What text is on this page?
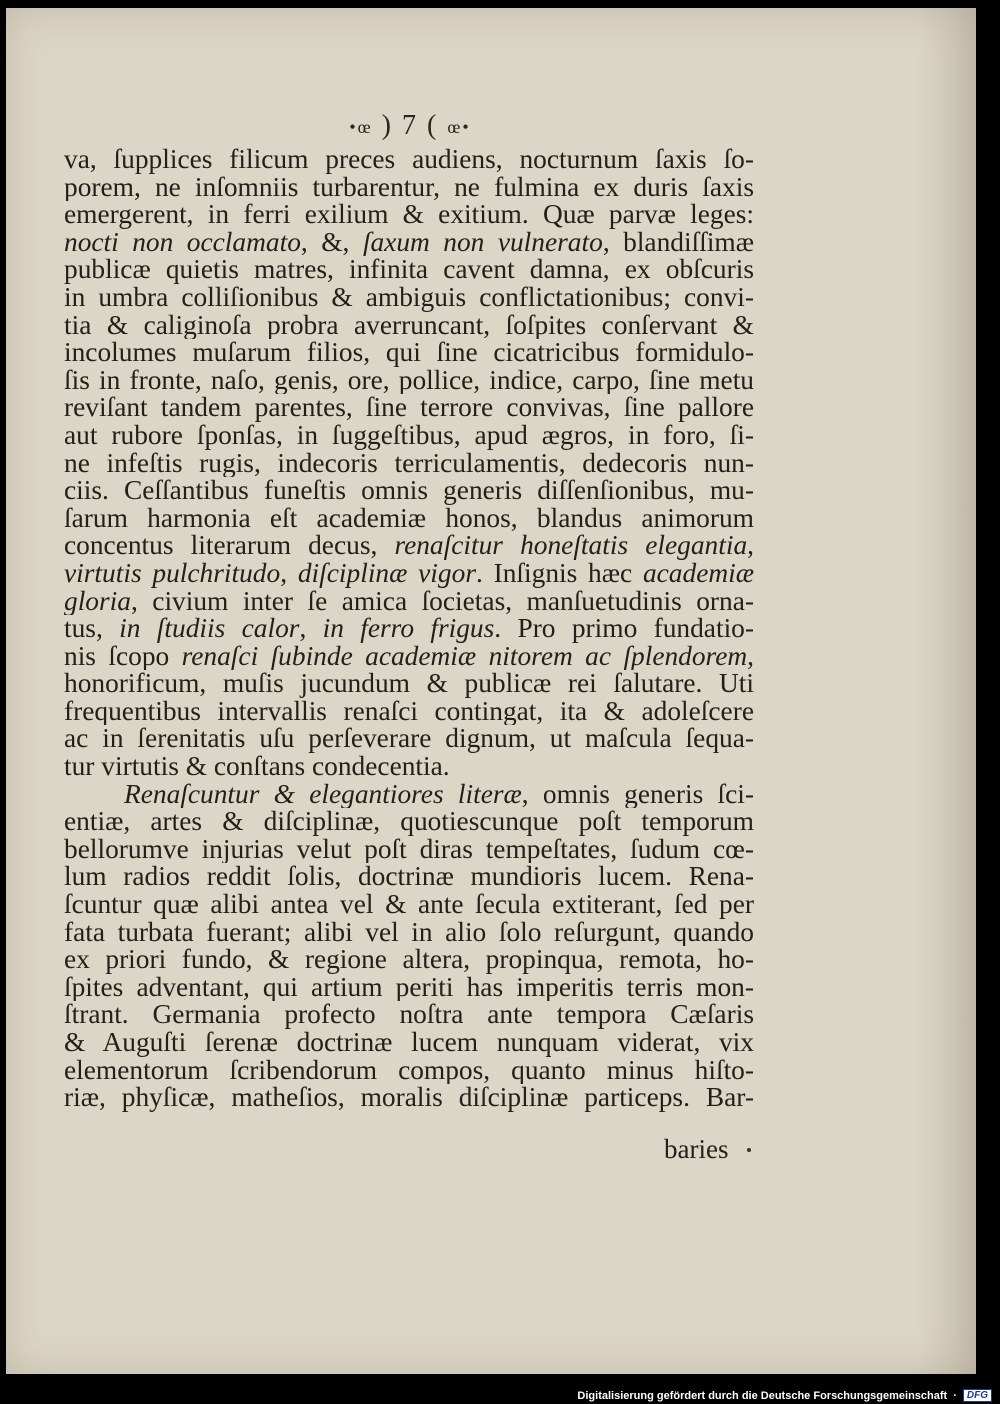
•œ ) 7 ( œ•
va, ſupplices filicum preces audiens, nocturnum ſaxis ſo-
porem, ne inſomniis turbarentur, ne fulmina ex duris ſaxis
emergerent, in ferri exilium & exitium. Quæ parvæ leges:
nocti non occlamato, &, ſaxum non vulnerato, blandiſſimæ
publicæ quietis matres, infinita cavent damna, ex obſcuris
in umbra colliſionibus & ambiguis conflictationibus; convi-
tia & caliginoſa probra averruncant, ſoſpites conſervant &
incolumes muſarum filios, qui ſine cicatricibus formidulo-
ſis in fronte, naſo, genis, ore, pollice, indice, carpo, ſine metu
reviſant tandem parentes, ſine terrore convivas, ſine pallore
aut rubore ſponſas, in ſuggeſtibus, apud ægros, in foro, ſi-
ne infeſtis rugis, indecoris terriculamentis, dedecoris nun-
ciis. Ceſſantibus funeſtis omnis generis diſſenſionibus, mu-
ſarum harmonia eſt academiæ honos, blandus animorum
concentus literarum decus, renaſcitur honeſtatis elegantia,
virtutis pulchritudo, diſciplinæ vigor. Inſignis hæc academiæ
gloria, civium inter ſe amica ſocietas, manſuetudinis orna-
tus, in ſtudiis calor, in ferro frigus. Pro primo fundatio-
nis ſcopo renaſci ſubinde academiæ nitorem ac ſplendorem,
honorificum, muſis jucundum & publicæ rei ſalutare. Uti
frequentibus intervallis renaſci contingat, ita & adoleſcere
ac in ſerenitatis uſu perſeverare dignum, ut maſcula ſequa-
tur virtutis & conſtans condecentia.
Renaſcuntur & elegantiores literæ, omnis generis ſci-
entiæ, artes & diſciplinæ, quotiescunque poſt temporum
bellorumve injurias velut poſt diras tempeſtates, ſudum cœ-
lum radios reddit ſolis, doctrinæ mundioris lucem. Rena-
ſcuntur quæ alibi antea vel & ante ſecula extiterant, ſed per
fata turbata fuerant; alibi vel in alio ſolo reſurgunt, quando
ex priori fundo, & regione altera, propinqua, remota, ho-
ſpites adventant, qui artium periti has imperitis terris mon-
ſtrant. Germania profecto noſtra ante tempora Cæſaris
& Auguſti ſerenæ doctrinæ lucem nunquam viderat, vix
elementorum ſcribendorum compos, quanto minus hiſto-
riæ, phyſicæ, matheſios, moralis diſciplinæ particeps. Bar-
baries
Digitalisierung gefördert durch die Deutsche Forschungsgemeinschaft ·	DFG
